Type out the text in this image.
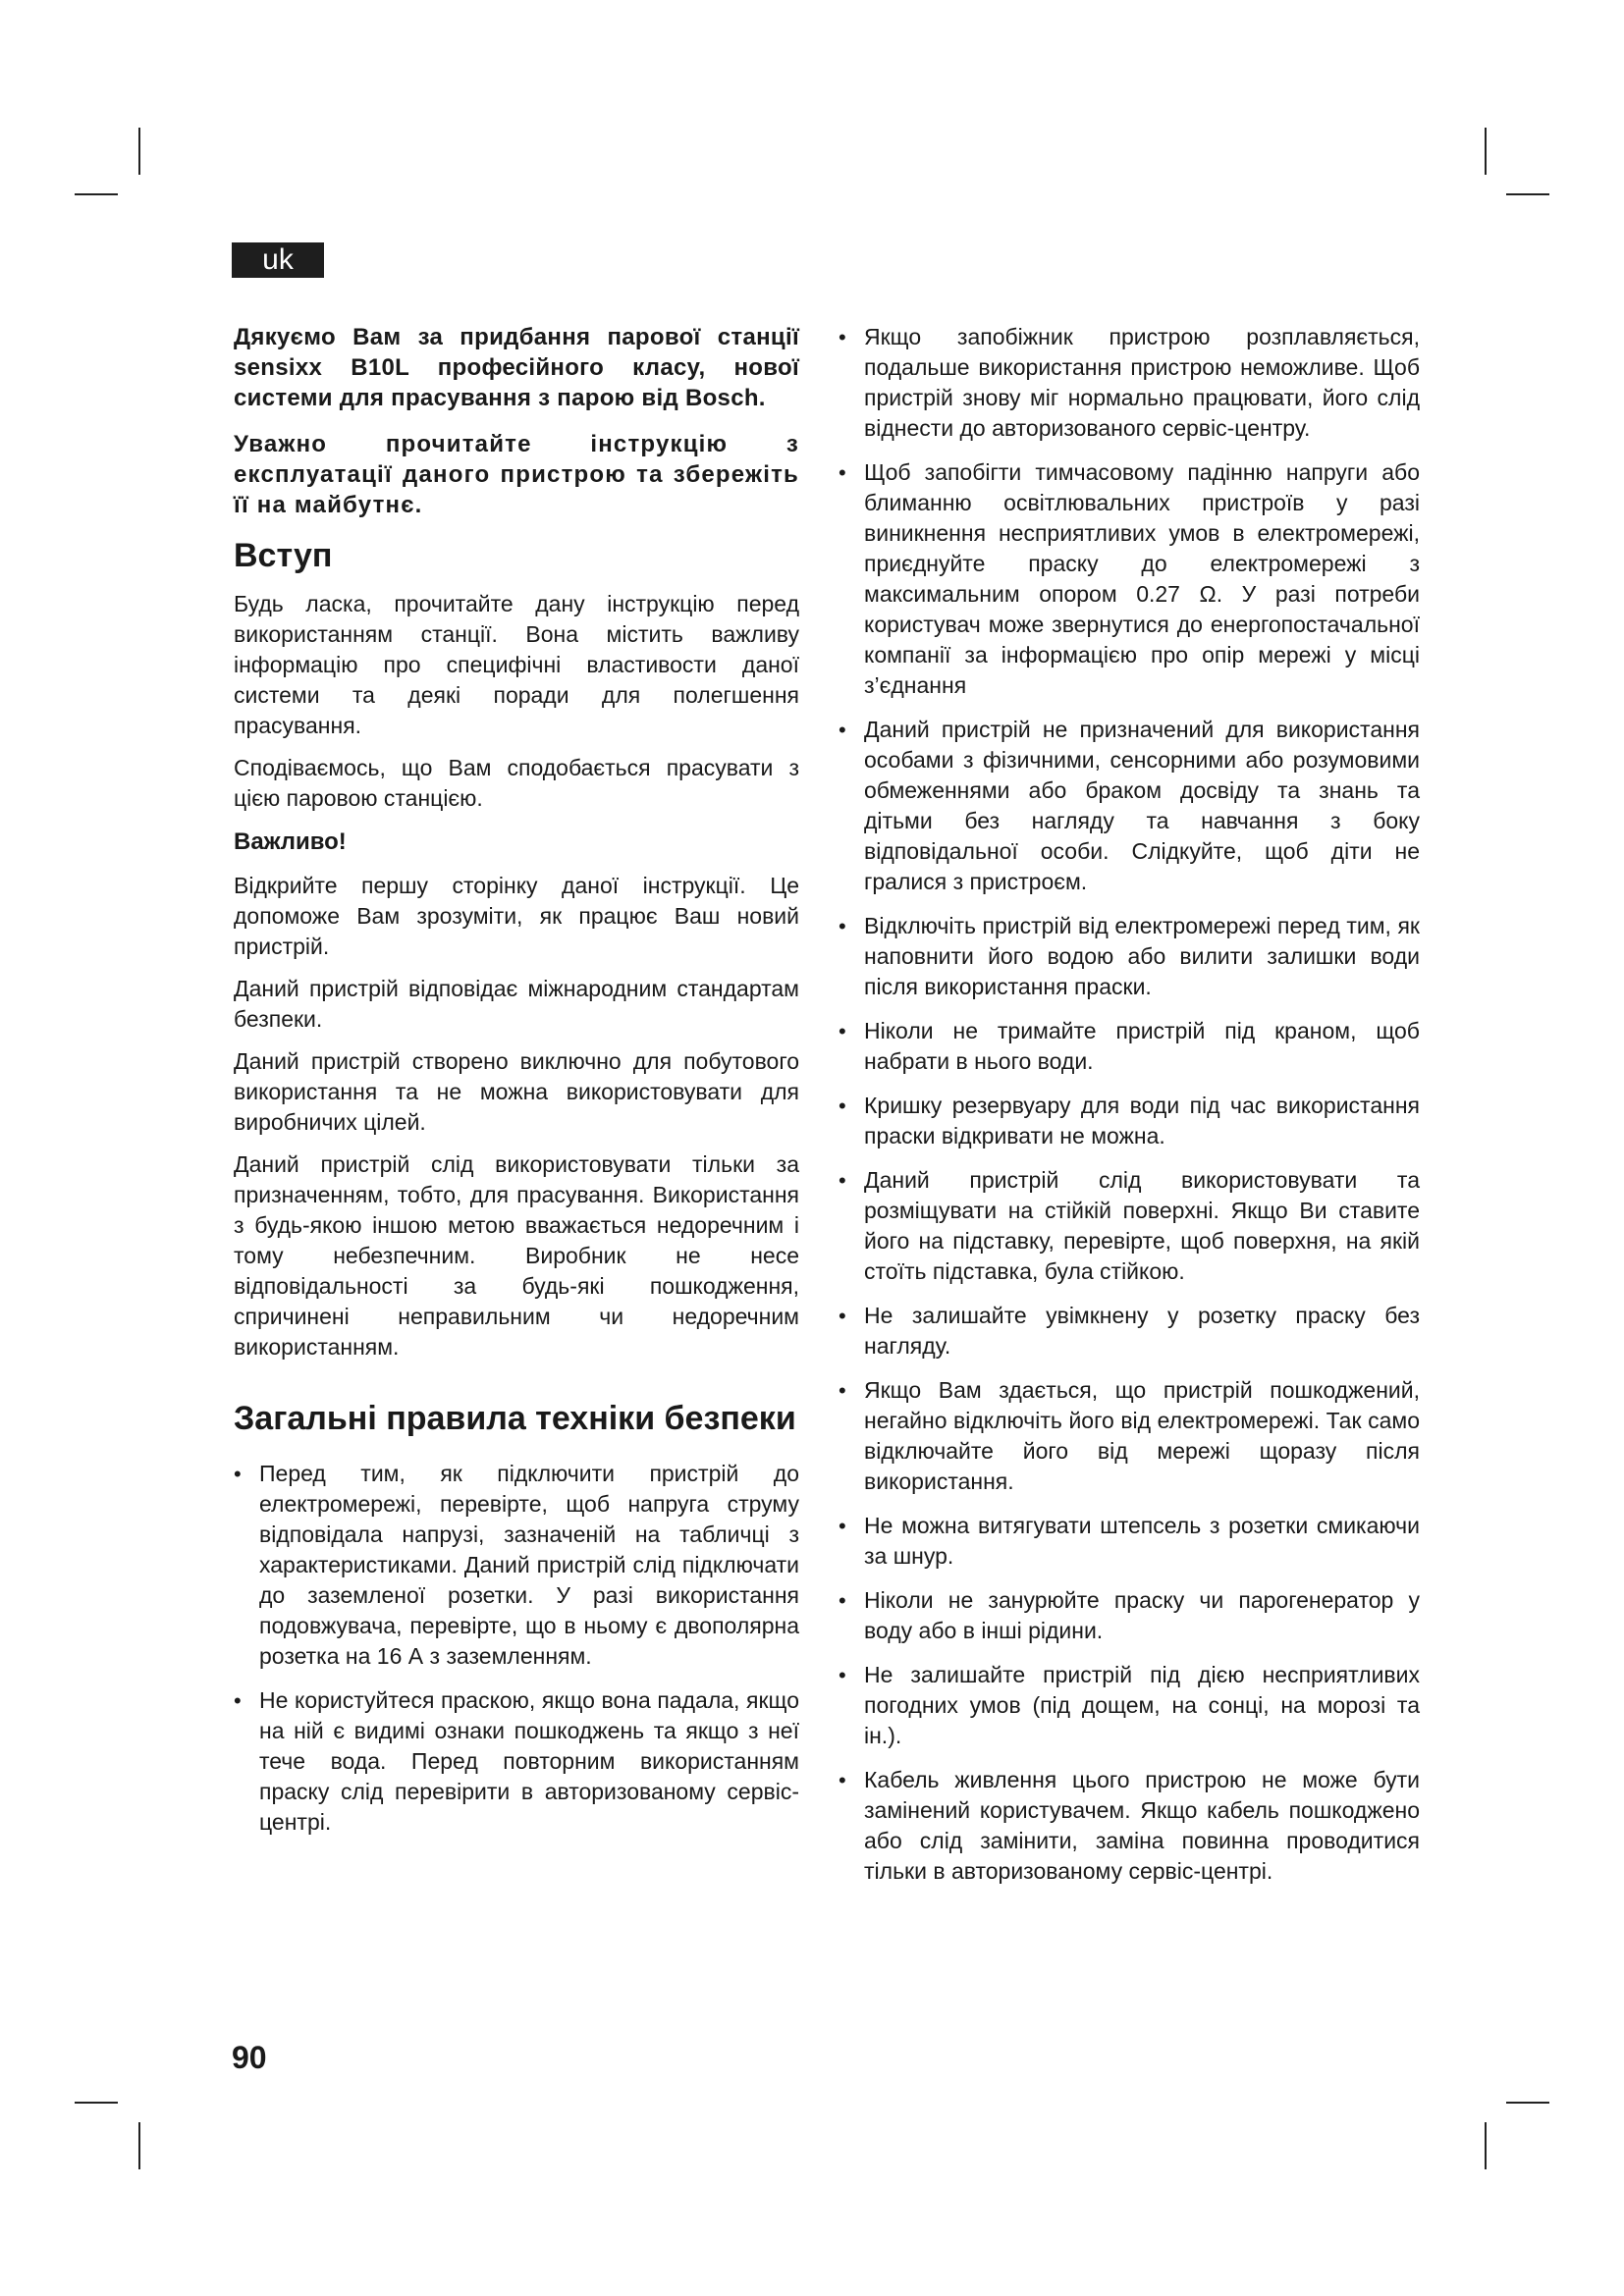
uk

Дякуємо Вам за придбання парової станції sensixx B10L професійного класу, нової системи для прасування з парою від Bosch.

Уважно прочитайте інструкцію з експлуатації даного пристрою та збережіть її на майбутнє.

Вступ

Будь ласка, прочитайте дану інструкцію перед використанням станції. Вона містить важливу інформацію про специфічні властивости даної системи та деякі поради для полегшення прасування.

Сподіваємось, що Вам сподобається прасувати з цією паровою станцією.

Важливо!

Відкрийте першу сторінку даної інструкції. Це допоможе Вам зрозуміти, як працює Ваш новий пристрій.

Даний пристрій відповідає міжнародним стандартам безпеки.

Даний пристрій створено виключно для побутового використання та не можна використовувати для виробничих цілей.

Даний пристрій слід використовувати тільки за призначенням, тобто, для прасування. Використання з будь-якою іншою метою вважається недоречним і тому небезпечним. Виробник не несе відповідальності за будь-які пошкодження, спричинені неправильним чи недоречним використанням.

Загальні правила техніки безпеки
• Перед тим, як підключити пристрій до електромережі, перевірте, щоб напруга струму відповідала напрузі, зазначеній на табличці з характеристиками. Даний пристрій слід підключати до заземленої розетки. У разі використання подовжувача, перевірте, що в ньому є двополярна розетка на 16 А з заземленням.
• Не користуйтеся праскою, якщо вона падала, якщо на ній є видимі ознаки пошкоджень та якщо з неї тече вода. Перед повторним використанням праску слід перевірити в авторизованому сервіс-центрі.
• Якщо запобіжник пристрою розплавляється, подальше використання пристрою неможливе. Щоб пристрій знову міг нормально працювати, його слід віднести до авторизованого сервіс-центру.
• Щоб запобігти тимчасовому падінню напруги або блиманню освітлювальних пристроїв у разі виникнення несприятливих умов в електромережі, приєднуйте праску до електромережі з максимальним опором 0.27 Ω. У разі потреби користувач може звернутися до енергопостачальної компанії за інформацією про опір мережі у місці з’єднання
• Даний пристрій не призначений для використання особами з фізичними, сенсорними або розумовими обмеженнями або браком досвіду та знань та дітьми без нагляду та навчання з боку відповідальної особи. Слідкуйте, щоб діти не гралися з пристроєм.
• Відключіть пристрій від електромережі перед тим, як наповнити його водою або вилити залишки води після використання праски.
• Ніколи не тримайте пристрій під краном, щоб набрати в нього води.
• Кришку резервуару для води під час використання праски відкривати не можна.
• Даний пристрій слід використовувати та розміщувати на стійкій поверхні. Якщо Ви ставите його на підставку, перевірте, щоб поверхня, на якій стоїть підставка, була стійкою.
• Не залишайте увімкнену у розетку праску без нагляду.
• Якщо Вам здається, що пристрій пошкоджений, негайно відключіть його від електромережі. Так само відключайте його від мережі щоразу після використання.
• Не можна витягувати штепсель з розетки смикаючи за шнур.
• Ніколи не занурюйте праску чи парогенератор у воду або в інші рідини.
• Не залишайте пристрій під дією несприятливих погодних умов (під дощем, на сонці, на морозі та ін.).
• Кабель живлення цього пристрою не може бути замінений користувачем. Якщо кабель пошкоджено або слід замінити, заміна повинна проводитися тільки в авторизованому сервіс-центрі.
90
